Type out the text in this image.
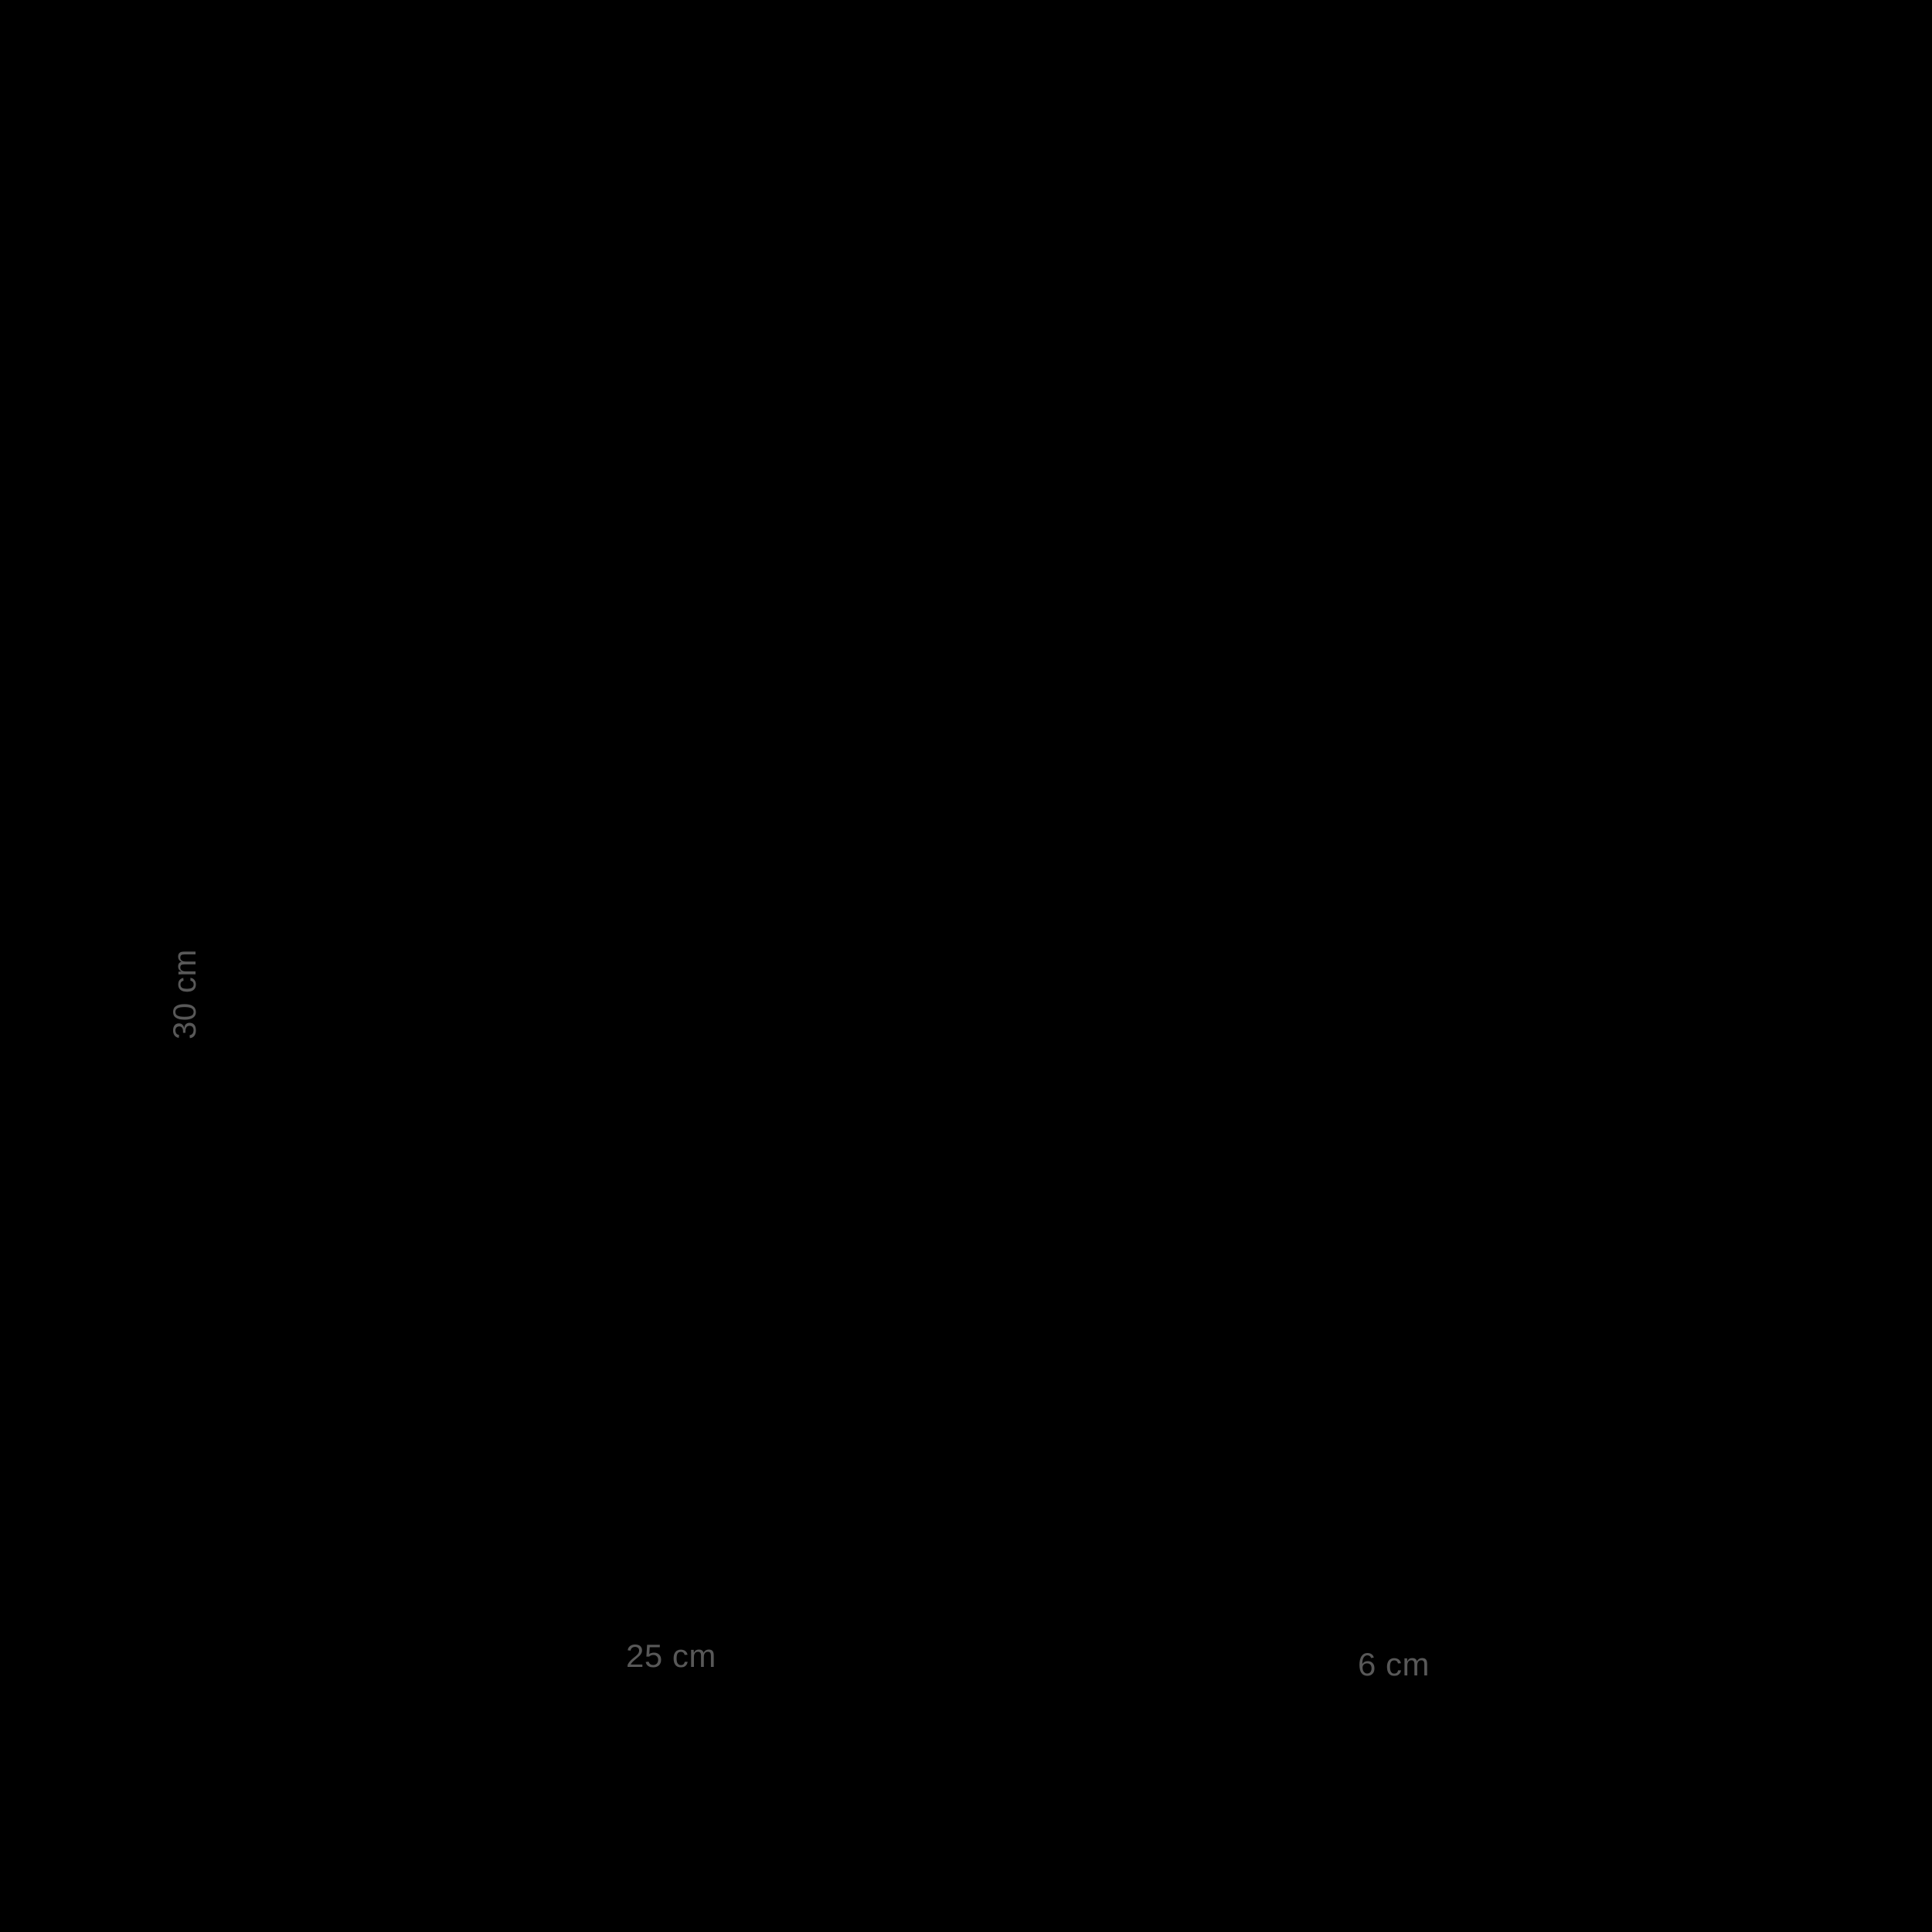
30 cm
25 cm	6 cm
